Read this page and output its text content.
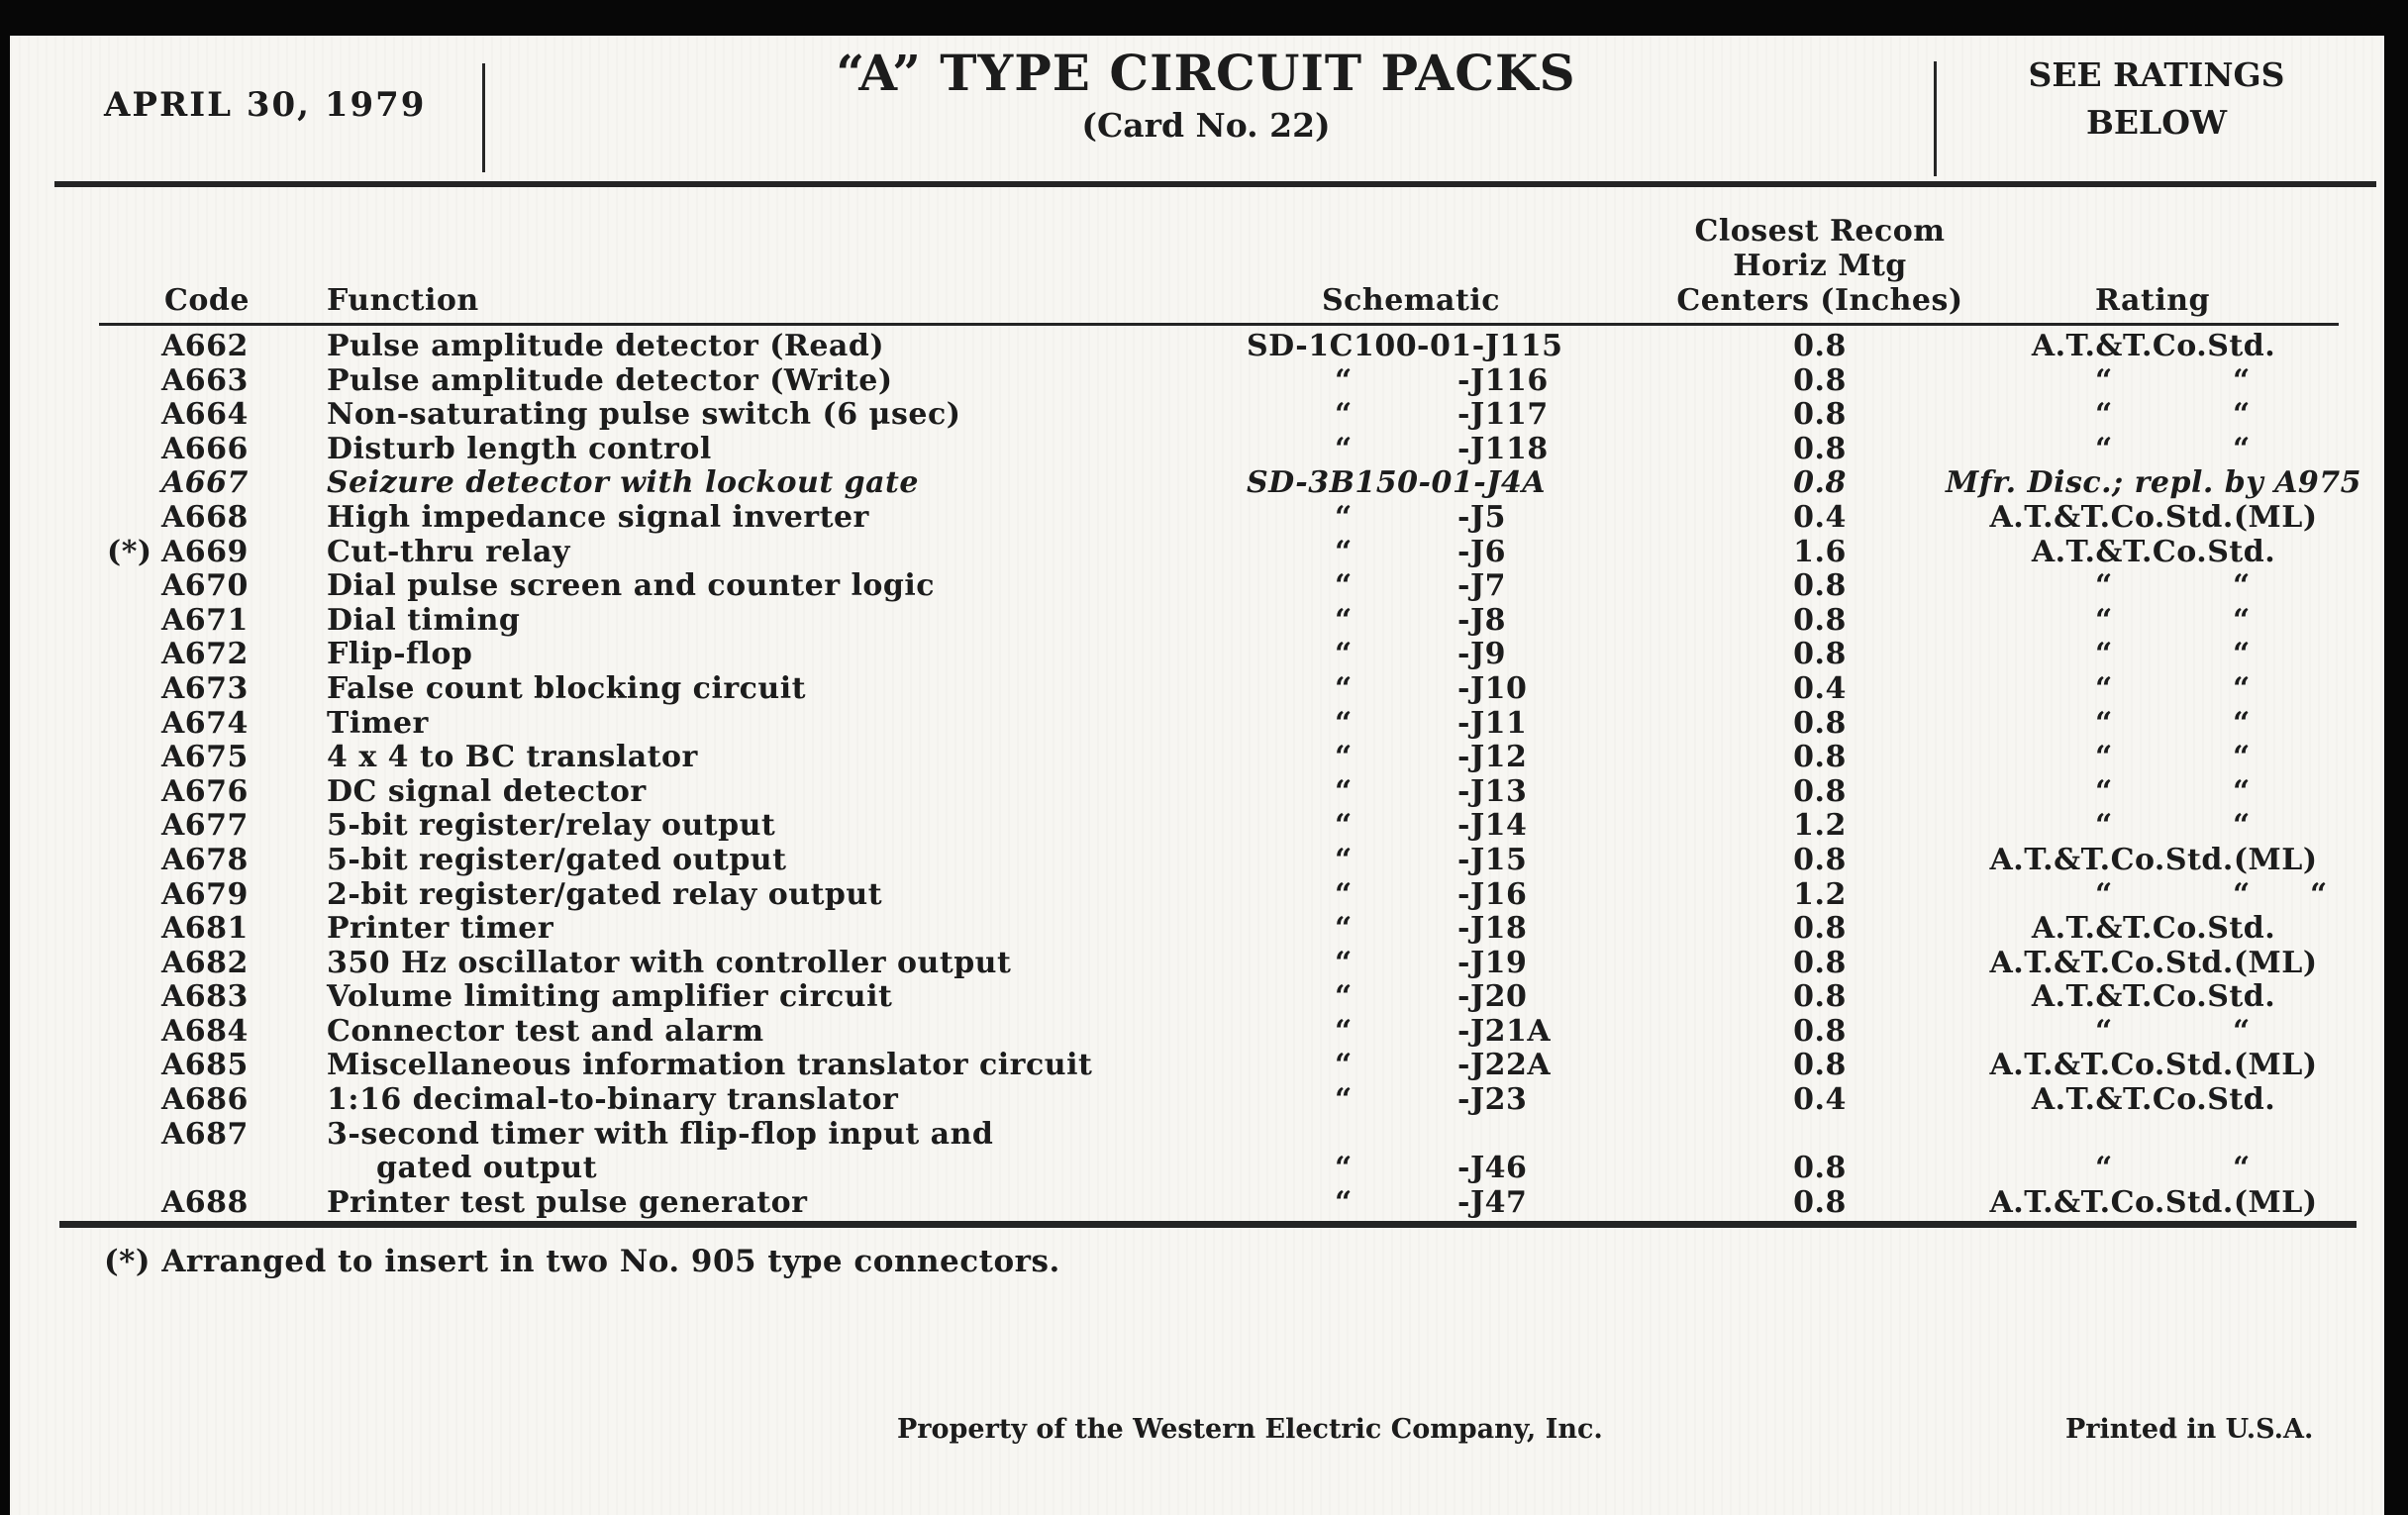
APRIL 30, 1979
“A” TYPE CIRCUIT PACKS
(Card No. 22)
SEE RATINGS
BELOW
Code	Function	Schematic
Closest Recom
Horiz Mtg
Centers (Inches)	Rating
A662	Pulse amplitude detector (Read)	SD-1C100-01-J115	0.8	A.T.&T.Co.Std.
A663	Pulse amplitude detector (Write)	“	-J116	0.8	“	“
A664	Non-saturating pulse switch (6 μsec)	“	-J117	0.8	“	“
A666	Disturb length control	“	-J118	0.8	“	“
A667	Seizure detector with lockout gate	SD-3B150-01-J4A	0.8	Mfr. Disc.; repl. by A975
A668	High impedance signal inverter	“	-J5	0.4	A.T.&T.Co.Std.(ML)
(*) A669	Cut-thru relay	“	-J6	1.6	A.T.&T.Co.Std.
A670	Dial pulse screen and counter logic	“	-J7	0.8	“	“
A671	Dial timing	“	-J8	0.8	“	“
A672	Flip-flop	“	-J9	0.8	“	“
A673	False count blocking circuit	“	-J10	0.4	“	“
A674	Timer	“	-J11	0.8	“	“
A675	4 x 4 to BC translator	“	-J12	0.8	“	“
A676	DC signal detector	“	-J13	0.8	“	“
A677	5-bit register/relay output	“	-J14	1.2	“	“
A678	5-bit register/gated output	“	-J15	0.8	A.T.&T.Co.Std.(ML)
A679	2-bit register/gated relay output	“	-J16	1.2	“	“ “
A681	Printer timer	“	-J18	0.8	A.T.&T.Co.Std.
A682	350 Hz oscillator with controller output	“	-J19	0.8	A.T.&T.Co.Std.(ML)
A683	Volume limiting amplifier circuit	“	-J20	0.8	A.T.&T.Co.Std.
A684	Connector test and alarm	“	-J21A	0.8	“	“
A685	Miscellaneous information translator circuit	“	-J22A	0.8	A.T.&T.Co.Std.(ML)
A686	1:16 decimal-to-binary translator	“	-J23	0.4	A.T.&T.Co.Std.
A687	3-second timer with flip-flop input and
gated output	“	-J46	0.8	“	“
A688	Printer test pulse generator	“	-J47	0.8	A.T.&T.Co.Std.(ML)
(*) Arranged to insert in two No. 905 type connectors.
Property of the Western Electric Company, Inc.	Printed in U.S.A.
